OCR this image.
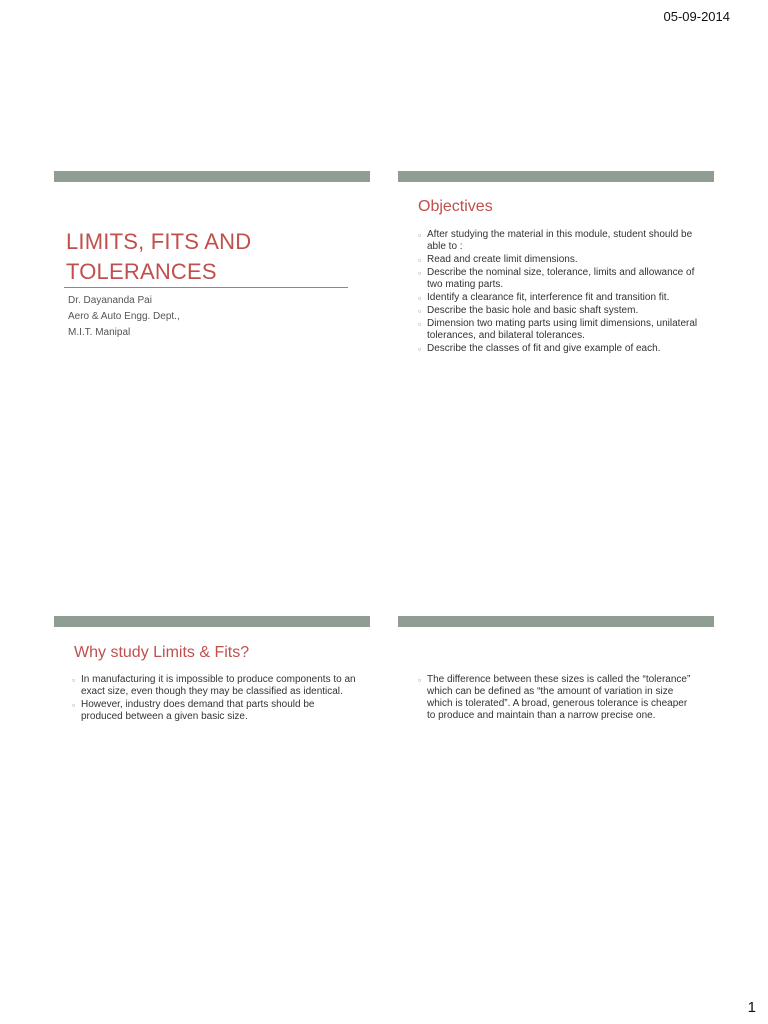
05-09-2014
LIMITS, FITS AND
TOLERANCES
Dr. Dayananda Pai
Aero & Auto Engg. Dept.,
M.I.T. Manipal
Objectives
▫ After studying the material in this module, student should be able to :
▫ Read and create limit dimensions.
▫ Describe the nominal size, tolerance, limits and allowance of two mating parts.
▫ Identify a clearance fit, interference fit and transition fit.
▫ Describe the basic hole and basic shaft system.
▫ Dimension two mating parts using limit dimensions, unilateral tolerances, and bilateral tolerances.
▫ Describe the classes of fit and give example of each.
Why study Limits & Fits?
▫ In manufacturing it is impossible to produce components to an exact size, even though they may be classified as identical.
▫ However, industry does demand that parts should be produced between a given basic size.
▫ The difference between these sizes is called the “tolerance” which can be defined as “the amount of variation in size which is tolerated”. A broad, generous tolerance is cheaper to produce and maintain than a narrow precise one.
1
